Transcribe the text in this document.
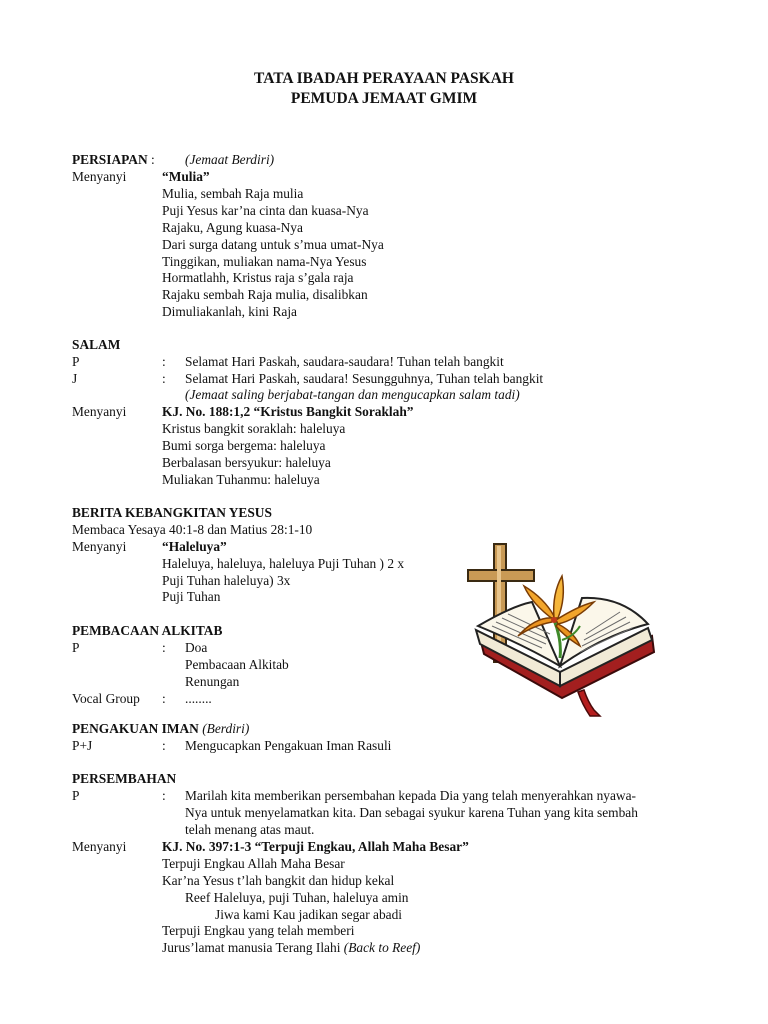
TATA IBADAH PERAYAAN PASKAH
PEMUDA JEMAAT GMIM
PERSIAPAN : (Jemaat Berdiri)
Menyanyi	“Mulia”
Mulia, sembah Raja mulia
Puji Yesus kar’na cinta dan kuasa-Nya
Rajaku, Agung kuasa-Nya
Dari surga datang untuk s’mua umat-Nya
Tinggikan, muliakan nama-Nya Yesus
Hormatlahh, Kristus raja s’gala raja
Rajaku sembah Raja mulia, disalibkan
Dimuliakanlah, kini Raja
SALAM
P	: Selamat Hari Paskah, saudara-saudara! Tuhan telah bangkit
J	: Selamat Hari Paskah, saudara! Sesungguhnya, Tuhan telah bangkit
(Jemaat saling berjabat-tangan dan mengucapkan salam tadi)
Menyanyi	KJ. No. 188:1,2 “Kristus Bangkit Soraklah”
Kristus bangkit soraklah: haleluya
Bumi sorga bergema: haleluya
Berbalasan bersyukur: haleluya
Muliakan Tuhanmu: haleluya
BERITA KEBANGKITAN YESUS
Membaca Yesaya 40:1-8 dan Matius 28:1-10
Menyanyi	“Haleluya”
Haleluya, haleluya, haleluya Puji Tuhan ) 2 x
Puji Tuhan haleluya) 3x
Puji Tuhan
PEMBACAAN ALKITAB
P	: Doa
Pembacaan Alkitab
Renungan
Vocal Group : ........
PENGAKUAN IMAN (Berdiri)
P+J	: Mengucapkan Pengakuan Iman Rasuli
PERSEMBAHAN
P	: Marilah kita memberikan persembahan kepada Dia yang telah menyerahkan nyawa-
Nya untuk menyelamatkan kita. Dan sebagai syukur karena Tuhan yang kita sembah
telah menang atas maut.
Menyanyi	KJ. No. 397:1-3 “Terpuji Engkau, Allah Maha Besar”
Terpuji Engkau Allah Maha Besar
Kar’na Yesus t’lah bangkit dan hidup kekal
Reef Haleluya, puji Tuhan, haleluya amin
Jiwa kami Kau jadikan segar abadi
Terpuji Engkau yang telah memberi
Jurus’lamat manusia Terang Ilahi (Back to Reef)
